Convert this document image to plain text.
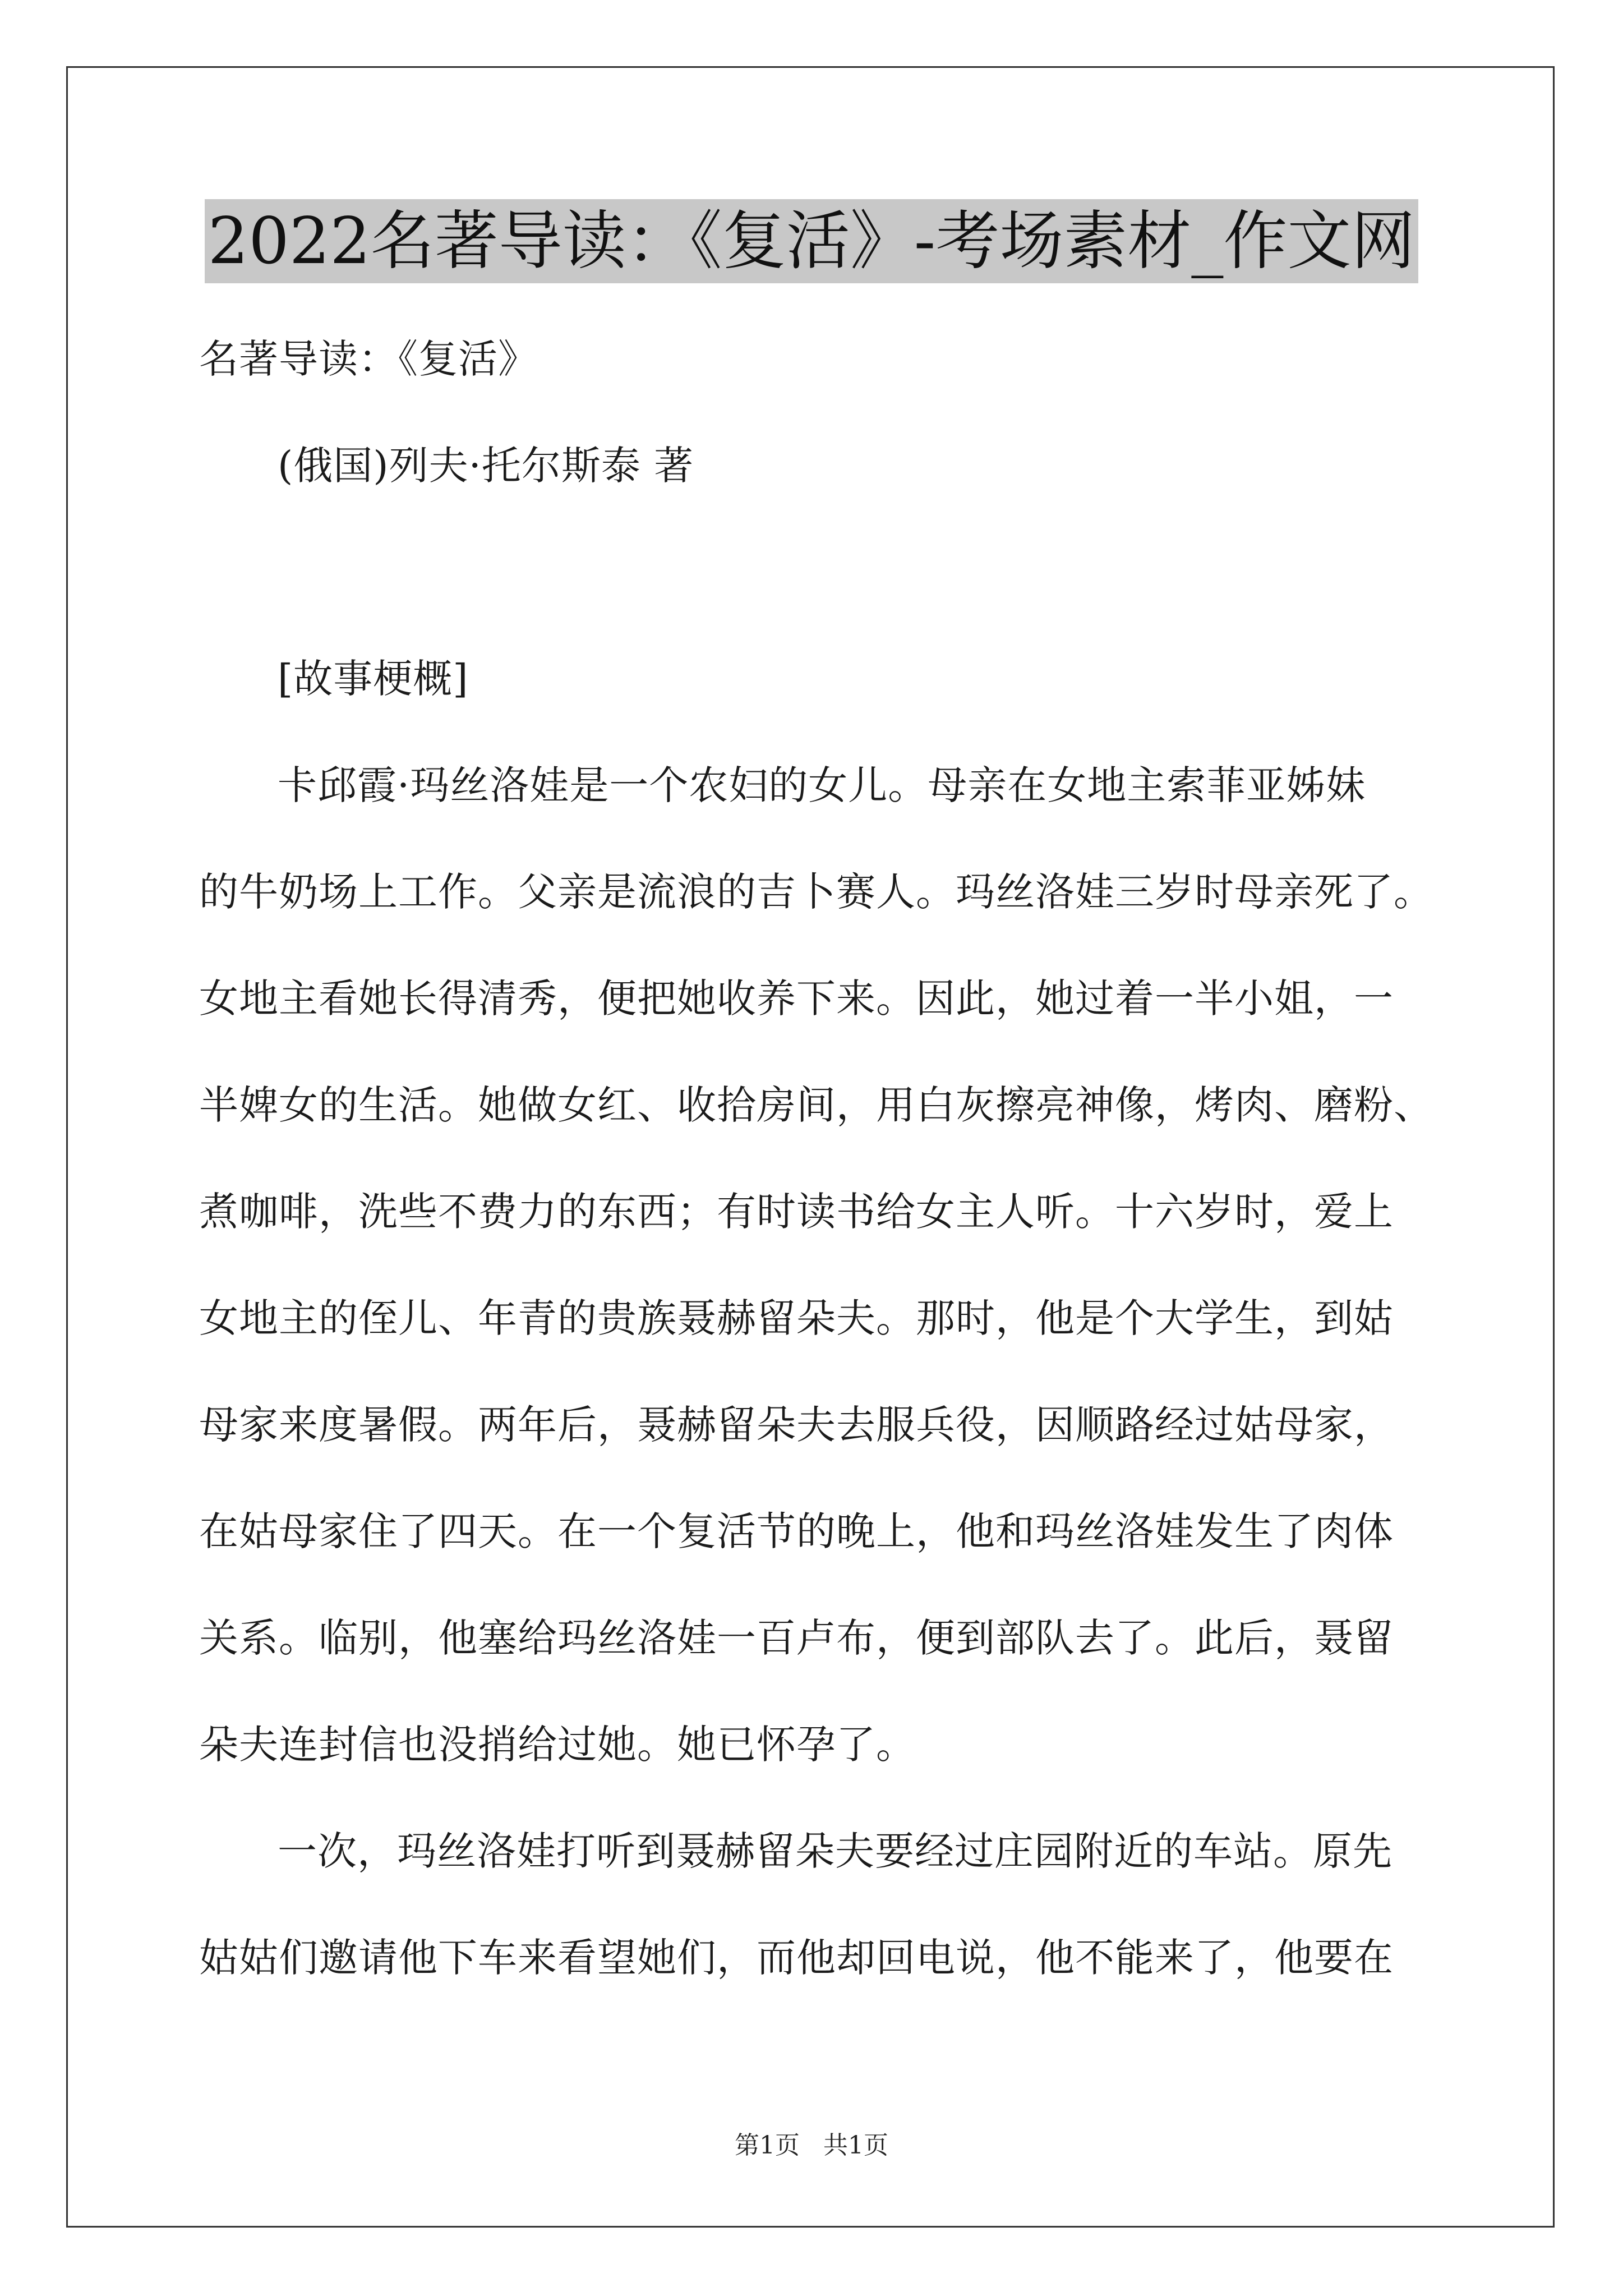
2022名著导读：《复活》-考场素材_作文网
名著导读：《复活》
(俄国)列夫·托尔斯泰 著
[故事梗概]
卡邱霞·玛丝洛娃是一个农妇的女儿。母亲在女地主索菲亚姊妹
的牛奶场上工作。父亲是流浪的吉卜赛人。玛丝洛娃三岁时母亲死了。
女地主看她长得清秀，便把她收养下来。因此，她过着一半小姐，一
半婢女的生活。她做女红、收拾房间，用白灰擦亮神像，烤肉、磨粉、
煮咖啡，洗些不费力的东西；有时读书给女主人听。十六岁时，爱上
女地主的侄儿、年青的贵族聂赫留朵夫。那时，他是个大学生，到姑
母家来度暑假。两年后，聂赫留朵夫去服兵役，因顺路经过姑母家，
在姑母家住了四天。在一个复活节的晚上，他和玛丝洛娃发生了肉体
关系。临别，他塞给玛丝洛娃一百卢布，便到部队去了。此后，聂留
朵夫连封信也没捎给过她。她已怀孕了。
一次，玛丝洛娃打听到聂赫留朵夫要经过庄园附近的车站。原先
姑姑们邀请他下车来看望她们，而他却回电说，他不能来了，他要在
第1页 共1页
